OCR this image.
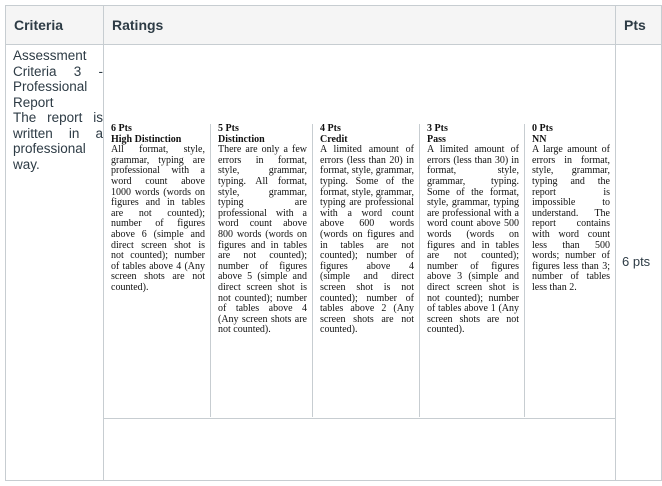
Criteria	Ratings	Pts
Assessment
Criteria 3 -
Professional
Report
The report is
written in a
professional
way.
6 Pts
High Distinction
All format, style, grammar, typing are professional with a word count above 1000 words (words on figures and in tables are not counted); number of figures above 6 (simple and direct screen shot is not counted); number of tables above 4 (Any screen shots are not counted).
5 Pts
Distinction
There are only a few errors in format, style, grammar, typing. All format, style, grammar, typing are professional with a word count above 800 words (words on figures and in tables are not counted); number of figures above 5 (simple and direct screen shot is not counted); number of tables above 4 (Any screen shots are not counted).
4 Pts
Credit
A limited amount of errors (less than 20) in format, style, grammar, typing. Some of the format, style, grammar, typing are professional with a word count above 600 words (words on figures and in tables are not counted); number of figures above 4 (simple and direct screen shot is not counted); number of tables above 2 (Any screen shots are not counted).
3 Pts
Pass
A limited amount of errors (less than 30) in format, style, grammar, typing. Some of the format, style, grammar, typing are professional with a word count above 500 words (words on figures and in tables are not counted); number of figures above 3 (simple and direct screen shot is not counted); number of tables above 1 (Any screen shots are not counted).
0 Pts
NN
A large amount of errors in format, style, grammar, typing and the report is impossible to understand. The report contains with word count less than 500 words; number of figures less than 3; number of tables less than 2.
6 pts
